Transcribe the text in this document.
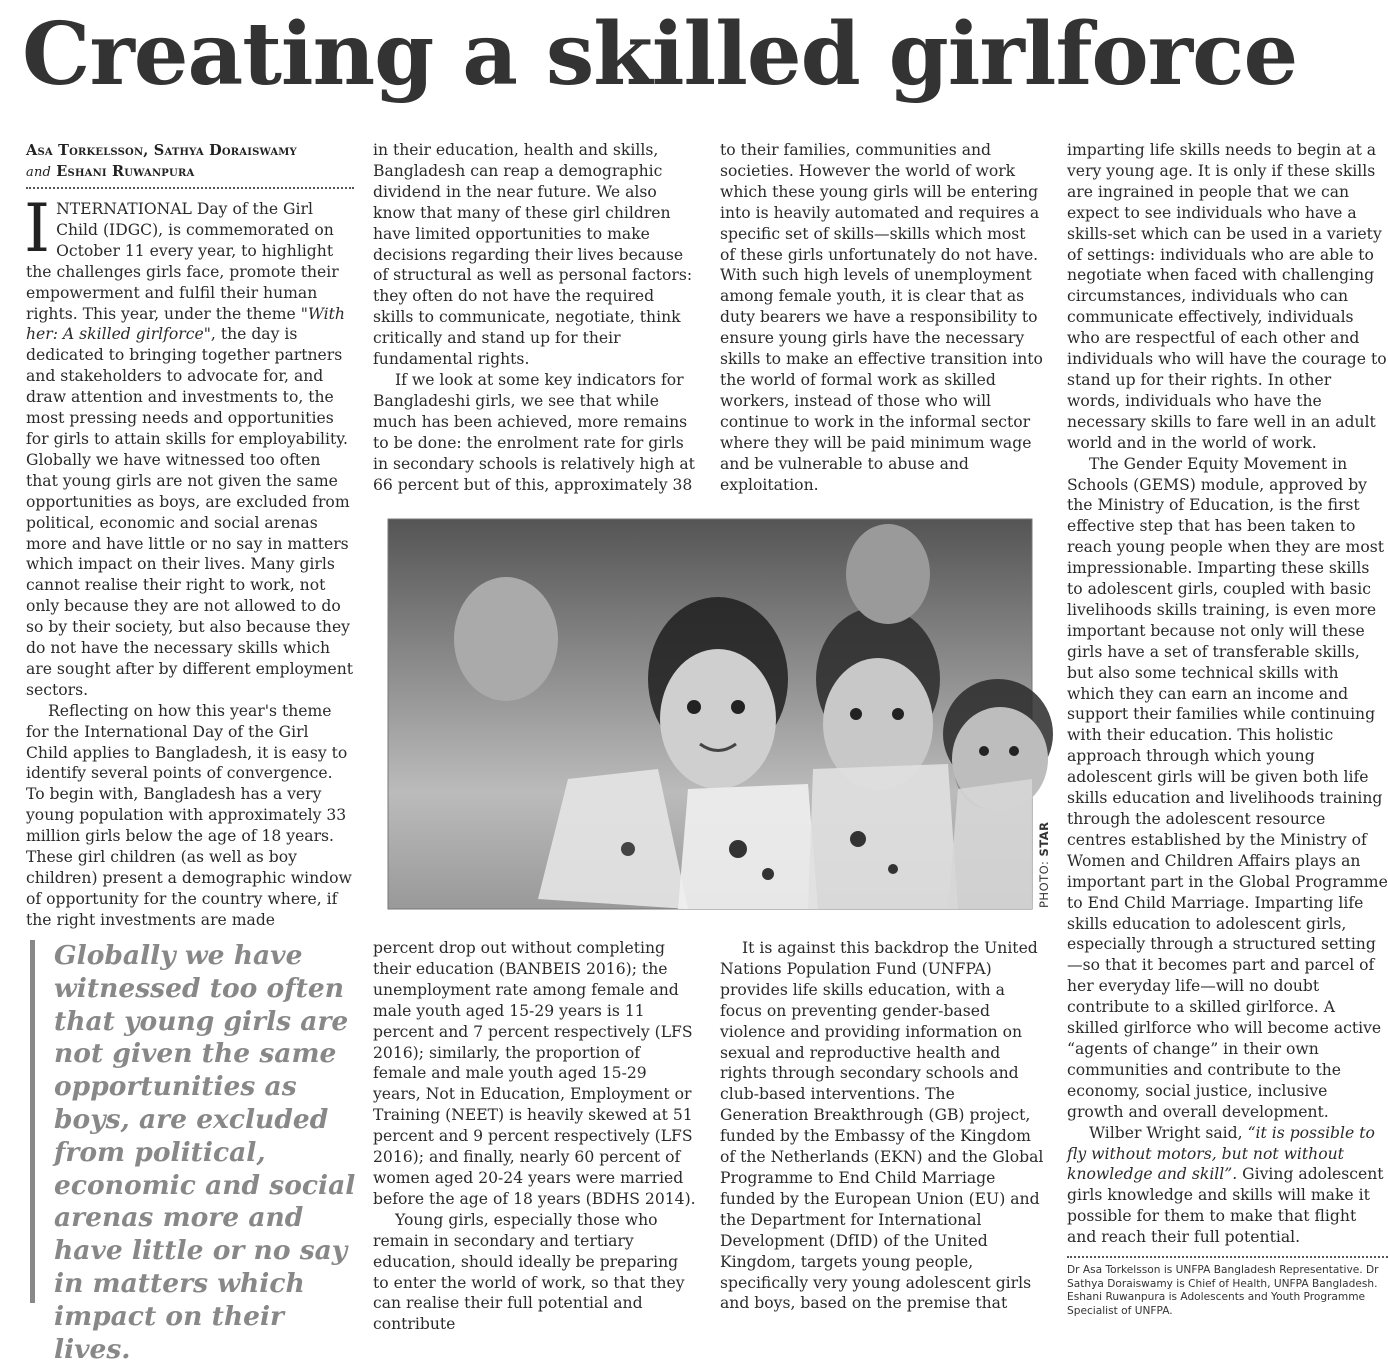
Creating a skilled girlforce
Asa Torkelsson, Sathya Doraiswamy
and Eshani Ruwanpura

INTERNATIONAL Day of the Girl Child (IDGC), is commemorated on October 11 every year, to highlight the challenges girls face, promote their empowerment and fulfil their human rights. This year, under the theme "With her: A skilled girlforce", the day is dedicated to bringing together partners and stakeholders to advocate for, and draw attention and investments to, the most pressing needs and opportunities for girls to attain skills for employability.

Globally we have witnessed too often that young girls are not given the same opportunities as boys, are excluded from political, economic and social arenas more and have little or no say in matters which impact on their lives. Many girls cannot realise their right to work, not only because they are not allowed to do so by their society, but also because they do not have the necessary skills which are sought after by different employment sectors.

Reflecting on how this year's theme for the International Day of the Girl Child applies to Bangladesh, it is easy to identify several points of convergence. To begin with, Bangladesh has a very young population with approximately 33 million girls below the age of 18 years. These girl children (as well as boy children) present a demographic window of opportunity for the country where, if the right investments are made

in their education, health and skills, Bangladesh can reap a demographic dividend in the near future. We also know that many of these girl children have limited opportunities to make decisions regarding their lives because of structural as well as personal factors: they often do not have the required skills to communicate, negotiate, think critically and stand up for their fundamental rights.

If we look at some key indicators for Bangladeshi girls, we see that while much has been achieved, more remains to be done: the enrolment rate for girls in secondary schools is relatively high at 66 percent but of this, approximately 38

to their families, communities and societies. However the world of work which these young girls will be entering into is heavily automated and requires a specific set of skills—skills which most of these girls unfortunately do not have. With such high levels of unemployment among female youth, it is clear that as duty bearers we have a responsibility to ensure young girls have the necessary skills to make an effective transition into the world of formal work as skilled workers, instead of those who will continue to work in the informal sector where they will be paid minimum wage and be vulnerable to abuse and exploitation.

imparting life skills needs to begin at a very young age. It is only if these skills are ingrained in people that we can expect to see individuals who have a skills-set which can be used in a variety of settings: individuals who are able to negotiate when faced with challenging circumstances, individuals who can communicate effectively, individuals who are respectful of each other and individuals who will have the courage to stand up for their rights. In other words, individuals who have the necessary skills to fare well in an adult world and in the world of work.

The Gender Equity Movement in Schools (GEMS) module, approved by the Ministry of Education, is the first effective step that has been taken to reach young people when they are most impressionable. Imparting these skills to adolescent girls, coupled with basic livelihoods skills training, is even more important because not only will these girls have a set of transferable skills, but also some technical skills with which they can earn an income and support their families while continuing with their education. This holistic approach through which young adolescent girls will be given both life skills education and livelihoods training through the adolescent resource centres established by the Ministry of Women and Children Affairs plays an important part in the Global Programme to End Child Marriage. Imparting life skills education to adolescent girls, especially through a structured setting—so that it becomes part and parcel of her everyday life—will no doubt contribute to a skilled girlforce. A skilled girlforce who will become active “agents of change” in their own communities and contribute to the economy, social justice, inclusive growth and overall development.

Wilber Wright said, “it is possible to fly without motors, but not without knowledge and skill”. Giving adolescent girls knowledge and skills will make it possible for them to make that flight and reach their full potential.

Dr Asa Torkelsson is UNFPA Bangladesh Representative. Dr Sathya Doraiswamy is Chief of Health, UNFPA Bangladesh. Eshani Ruwanpura is Adolescents and Youth Programme Specialist of UNFPA.
PHOTO: STAR
Globally we have witnessed too often that young girls are not given the same opportunities as boys, are excluded from political, economic and social arenas more and have little or no say in matters which impact on their lives.

percent drop out without completing their education (BANBEIS 2016); the unemployment rate among female and male youth aged 15-29 years is 11 percent and 7 percent respectively (LFS 2016); similarly, the proportion of female and male youth aged 15-29 years, Not in Education, Employment or Training (NEET) is heavily skewed at 51 percent and 9 percent respectively (LFS 2016); and finally, nearly 60 percent of women aged 20-24 years were married before the age of 18 years (BDHS 2014).

Young girls, especially those who remain in secondary and tertiary education, should ideally be preparing to enter the world of work, so that they can realise their full potential and contribute

It is against this backdrop the United Nations Population Fund (UNFPA) provides life skills education, with a focus on preventing gender-based violence and providing information on sexual and reproductive health and rights through secondary schools and club-based interventions. The Generation Breakthrough (GB) project, funded by the Embassy of the Kingdom of the Netherlands (EKN) and the Global Programme to End Child Marriage funded by the European Union (EU) and the Department for International Development (DfID) of the United Kingdom, targets young people, specifically very young adolescent girls and boys, based on the premise that
